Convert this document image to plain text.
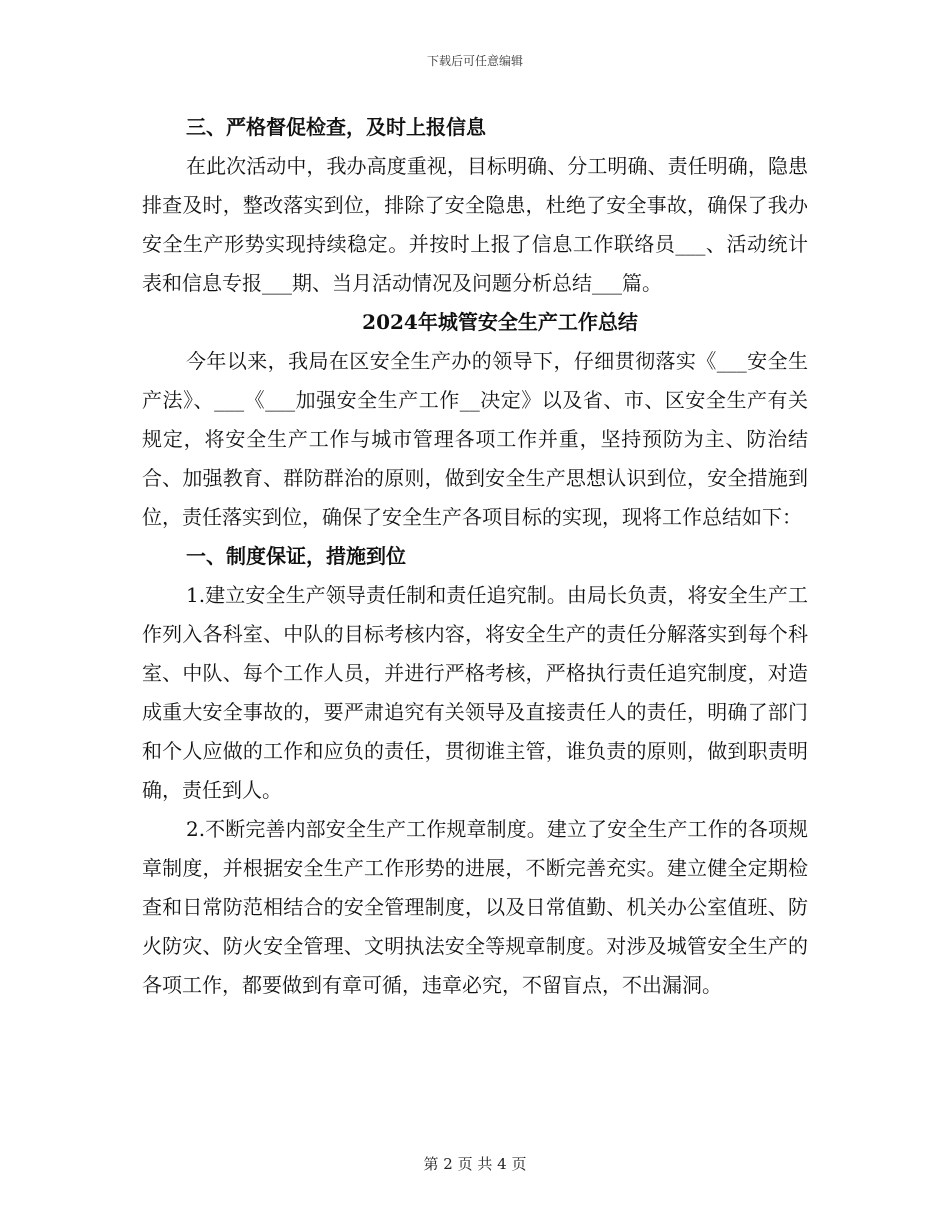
下载后可任意编辑

三、严格督促检查，及时上报信息

在此次活动中，我办高度重视，目标明确、分工明确、责任明确，隐患排查及时，整改落实到位，排除了安全隐患，杜绝了安全事故，确保了我办安全生产形势实现持续稳定。并按时上报了信息工作联络员___、活动统计表和信息专报___期、当月活动情况及问题分析总结___篇。

2024年城管安全生产工作总结

今年以来，我局在区安全生产办的领导下，仔细贯彻落实《___安全生产法》、___《___加强安全生产工作__决定》以及省、市、区安全生产有关规定，将安全生产工作与城市管理各项工作并重，坚持预防为主、防治结合、加强教育、群防群治的原则，做到安全生产思想认识到位，安全措施到位，责任落实到位，确保了安全生产各项目标的实现，现将工作总结如下：

一、制度保证，措施到位

1.建立安全生产领导责任制和责任追究制。由局长负责，将安全生产工作列入各科室、中队的目标考核内容，将安全生产的责任分解落实到每个科室、中队、每个工作人员，并进行严格考核，严格执行责任追究制度，对造成重大安全事故的，要严肃追究有关领导及直接责任人的责任，明确了部门和个人应做的工作和应负的责任，贯彻谁主管，谁负责的原则，做到职责明确，责任到人。

2.不断完善内部安全生产工作规章制度。建立了安全生产工作的各项规章制度，并根据安全生产工作形势的进展，不断完善充实。建立健全定期检查和日常防范相结合的安全管理制度，以及日常值勤、机关办公室值班、防火防灾、防火安全管理、文明执法安全等规章制度。对涉及城管安全生产的各项工作，都要做到有章可循，违章必究，不留盲点，不出漏洞。

第 2 页 共 4 页
